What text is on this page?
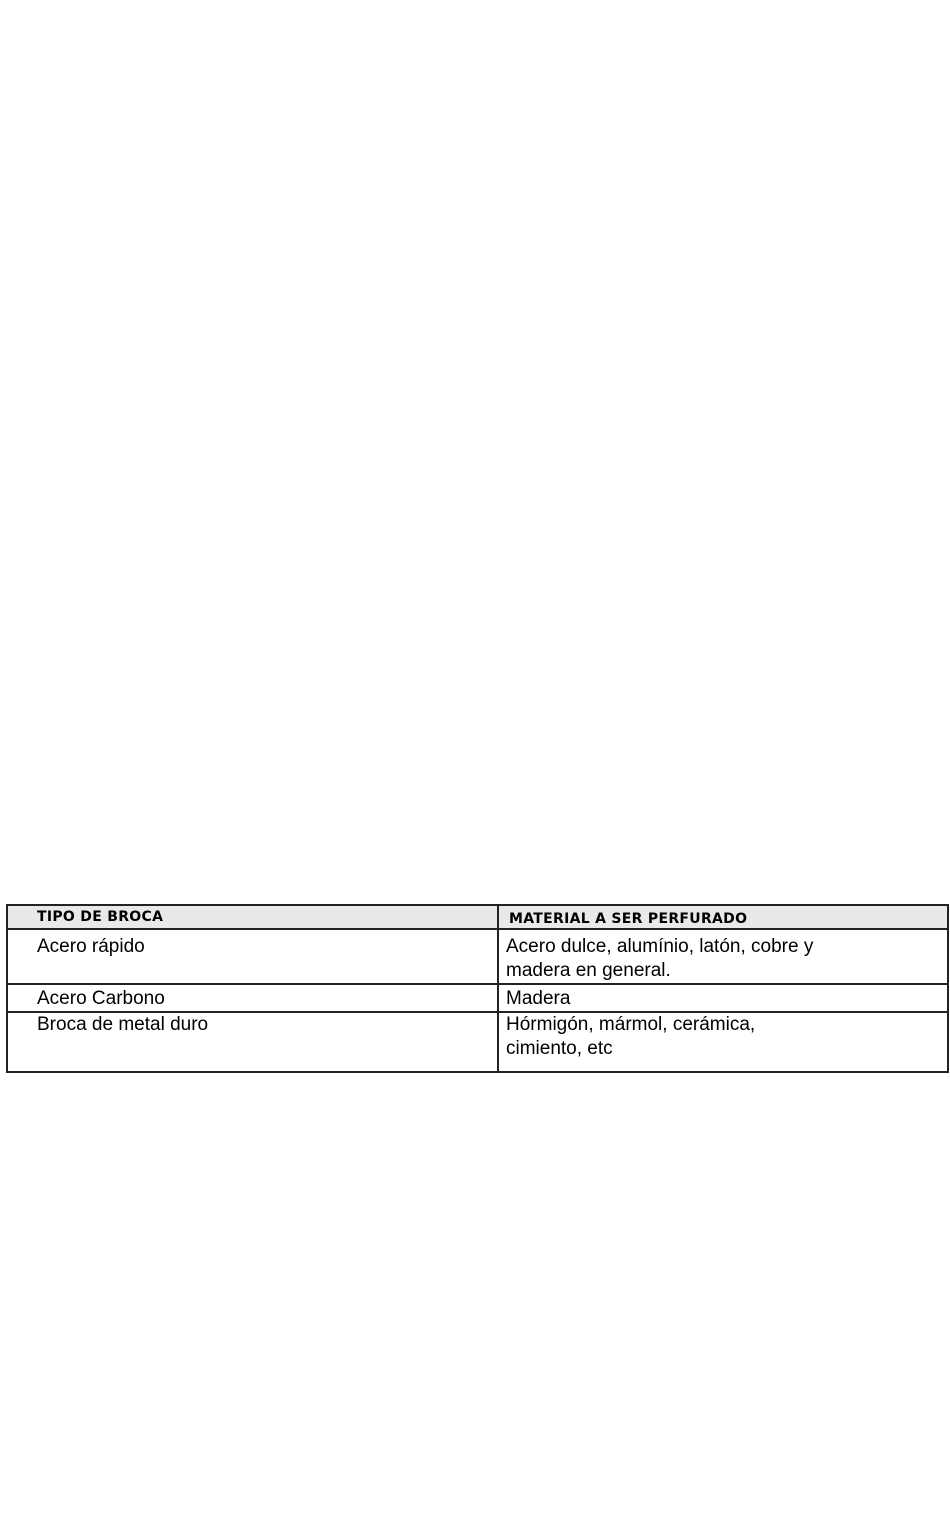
TIPO DE BROCA	MATERIAL A SER PERFURADO

Acero rápido	Acero dulce, alumínio, latón, cobre y
madera en general.

Acero Carbono	Madera

Broca de metal duro	Hórmigón, mármol, cerámica,
cimiento, etc
